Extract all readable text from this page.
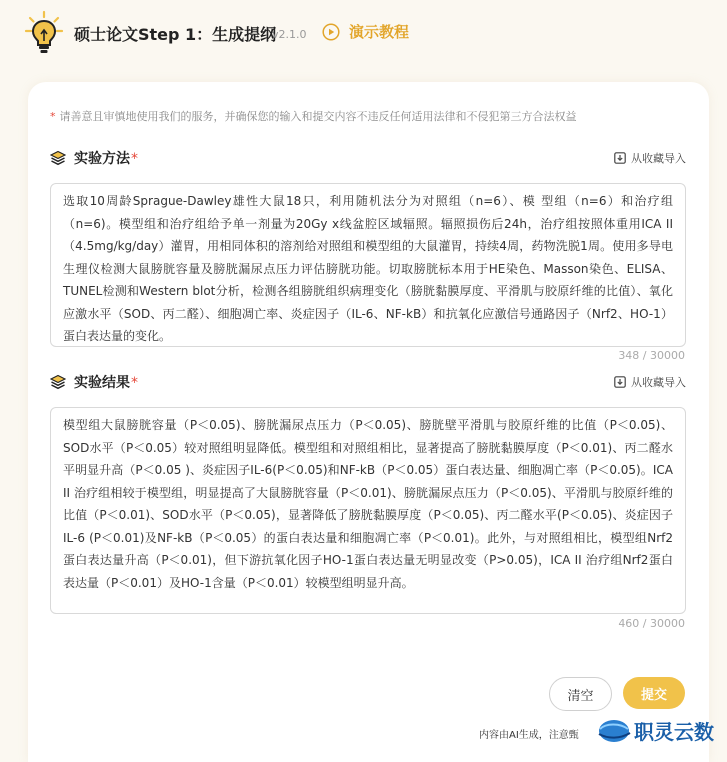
硕士论文Step 1：生成提纲
v2.1.0	演示教程
* 请善意且审慎地使用我们的服务，并确保您的输入和提交内容不违反任何适用法律和不侵犯第三方合法权益
实验方法*	从收藏导入
选取10周龄Sprague-Dawley雄性大鼠18只，利用随机法分为对照组（n=6）、模 型组（n=6）和治疗组（n=6)。模型组和治疗组给予单一剂量为20Gy x线盆腔区域辐照。辐照损伤后24h，治疗组按照体重用ICA II （4.5mg/kg/day）灌胃，用相同体积的溶剂给对照组和模型组的大鼠灌胃，持续4周，药物洗脱1周。使用多导电生理仪检测大鼠膀胱容量及膀胱漏尿点压力评估膀胱功能。切取膀胱标本用于HE染色、Masson染色、ELISA、TUNEL检测和Western blot分析，检测各组膀胱组织病理变化（膀胱黏膜厚度、平滑肌与胶原纤维的比值）、氧化应激水平（SOD、丙二醛）、细胞凋亡率、炎症因子（IL-6、NF-kB）和抗氧化应激信号通路因子（Nrf2、HO-1）蛋白表达量的变化。
348 / 30000
实验结果*	从收藏导入
模型组大鼠膀胱容量（P＜0.05)、膀胱漏尿点压力（P＜0.05)、膀胱壁平滑肌与胶原纤维的比值（P＜0.05)、SOD水平（P＜0.05）较对照组明显降低。模型组和对照组相比，显著提高了膀胱黏膜厚度（P＜0.01)、丙二醛水平明显升高（P＜0.05 )、炎症因子IL-6(P＜0.05)和NF-kB（P＜0.05）蛋白表达量、细胞凋亡率（P＜0.05)。ICA II 治疗组相较于模型组，明显提高了大鼠膀胱容量（P＜0.01)、膀胱漏尿点压力（P＜0.05)、平滑肌与胶原纤维的比值（P＜0.01)、SOD水平（P＜0.05)，显著降低了膀胱黏膜厚度（P＜0.05)、丙二醛水平(P＜0.05)、炎症因子IL-6 (P＜0.01)及NF-kB（P＜0.05）的蛋白表达量和细胞凋亡率（P＜0.01)。此外，与对照组相比，模型组Nrf2蛋白表达量升高（P＜0.01)，但下游抗氧化因子HO-1蛋白表达量无明显改变（P>0.05)，ICA II 治疗组Nrf2蛋白表达量（P＜0.01）及HO-1含量（P＜0.01）较模型组明显升高。
460 / 30000
清空	提交
内容由AI生成，注意甄	职灵云数
